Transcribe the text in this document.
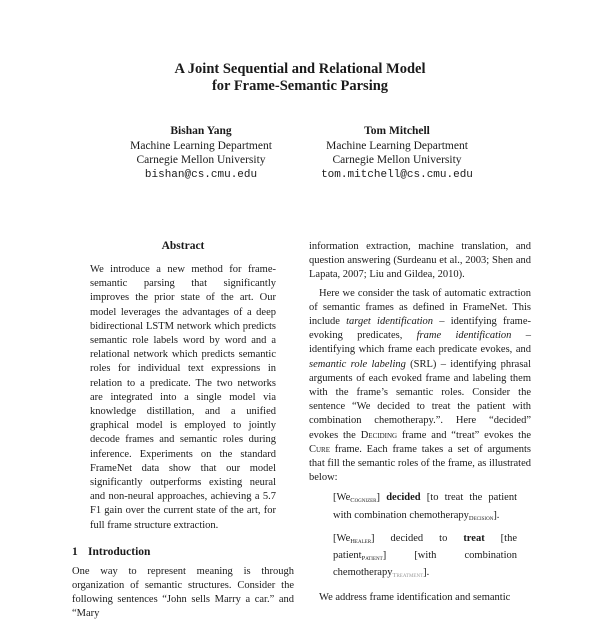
A Joint Sequential and Relational Model
for Frame-Semantic Parsing
Bishan Yang
Machine Learning Department
Carnegie Mellon University
bishan@cs.cmu.edu
Tom Mitchell
Machine Learning Department
Carnegie Mellon University
tom.mitchell@cs.cmu.edu
Abstract

We introduce a new method for frame-semantic parsing that significantly improves the prior state of the art. Our model leverages the advantages of a deep bidirectional LSTM network which predicts semantic role labels word by word and a relational network which predicts semantic roles for individual text expressions in relation to a predicate. The two networks are integrated into a single model via knowledge distillation, and a unified graphical model is employed to jointly decode frames and semantic roles during inference. Experiments on the standard FrameNet data show that our model significantly outperforms existing neural and non-neural approaches, achieving a 5.7 F1 gain over the current state of the art, for full frame structure extraction.

1 Introduction

One way to represent meaning is through organization of semantic structures. Consider the following sentences “John sells Marry a car.” and “Mary

information extraction, machine translation, and question answering (Surdeanu et al., 2003; Shen and Lapata, 2007; Liu and Gildea, 2010).

Here we consider the task of automatic extraction of semantic frames as defined in FrameNet. This include target identification – identifying frame-evoking predicates, frame identification – identifying which frame each predicate evokes, and semantic role labeling (SRL) – identifying phrasal arguments of each evoked frame and labeling them with the frame’s semantic roles. Consider the sentence “We decided to treat the patient with combination chemotherapy.”. Here “decided” evokes the Deciding frame and “treat” evokes the Cure frame. Each frame takes a set of arguments that fill the semantic roles of the frame, as illustrated below:

$[We_{Cognizer}]$ decided [to treat the patient with combination chemotherapy$_{Decision}$].

$[We_{Healer}]$ decided to treat [the patient$_{Patient}$] [with combination chemotherapy$_{Treatment}$].

We address frame identification and semantic
